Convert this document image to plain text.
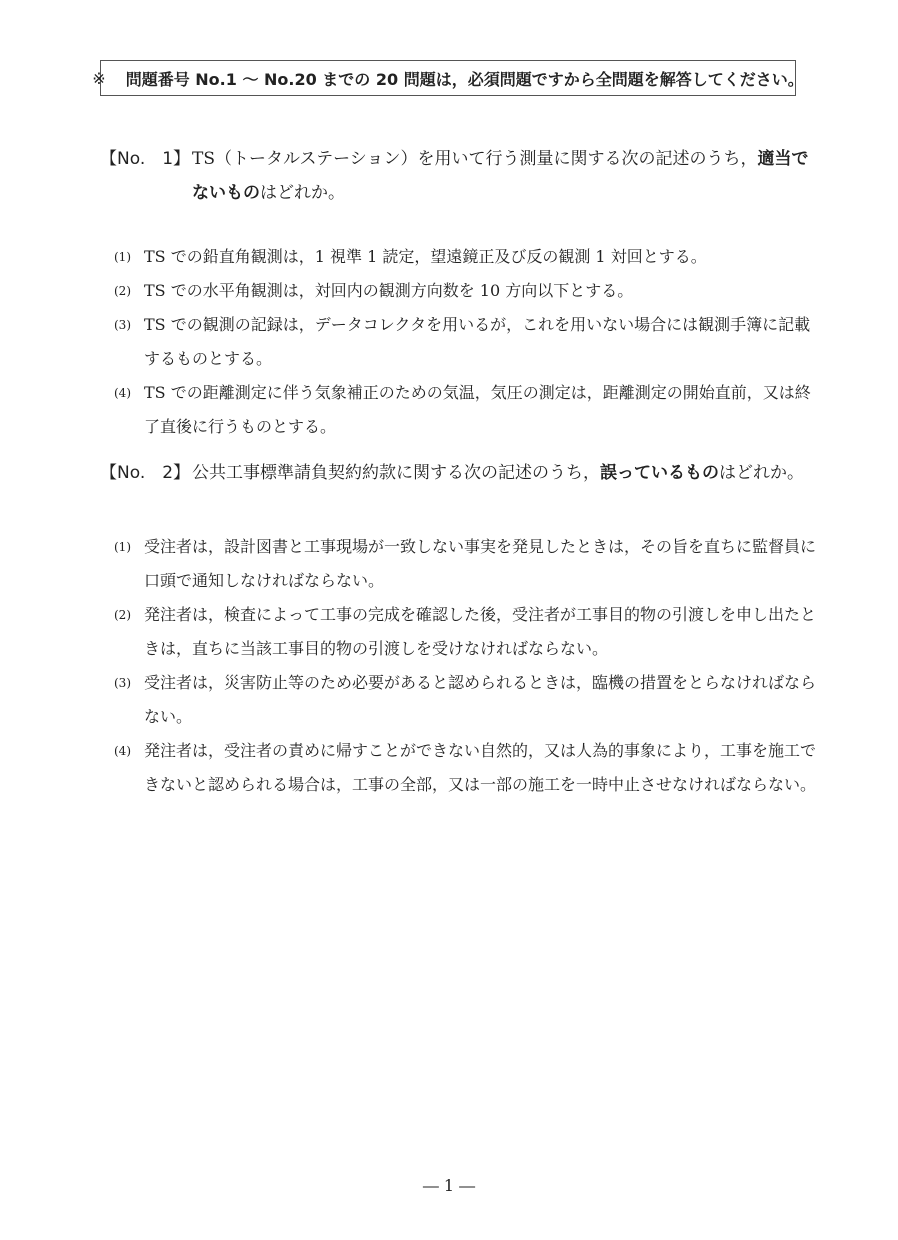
※ 問題番号 No.1 ～ No.20 までの 20 問題は，必須問題ですから全問題を解答してください。
【No.　1】 TS（トータルステーション）を用いて行う測量に関する次の記述のうち，適当でないものはどれか。
(1) TS での鉛直角観測は，1 視準 1 読定，望遠鏡正及び反の観測 1 対回とする。
(2) TS での水平角観測は，対回内の観測方向数を 10 方向以下とする。
(3) TS での観測の記録は，データコレクタを用いるが，これを用いない場合には観測手簿に記載するものとする。
(4) TS での距離測定に伴う気象補正のための気温，気圧の測定は，距離測定の開始直前，又は終了直後に行うものとする。
【No.　2】 公共工事標準請負契約約款に関する次の記述のうち，誤っているものはどれか。
(1) 受注者は，設計図書と工事現場が一致しない事実を発見したときは，その旨を直ちに監督員に口頭で通知しなければならない。
(2) 発注者は，検査によって工事の完成を確認した後，受注者が工事目的物の引渡しを申し出たときは，直ちに当該工事目的物の引渡しを受けなければならない。
(3) 受注者は，災害防止等のため必要があると認められるときは，臨機の措置をとらなければならない。
(4) 発注者は，受注者の責めに帰すことができない自然的，又は人為的事象により，工事を施工できないと認められる場合は，工事の全部，又は一部の施工を一時中止させなければならない。
― 1 ―
